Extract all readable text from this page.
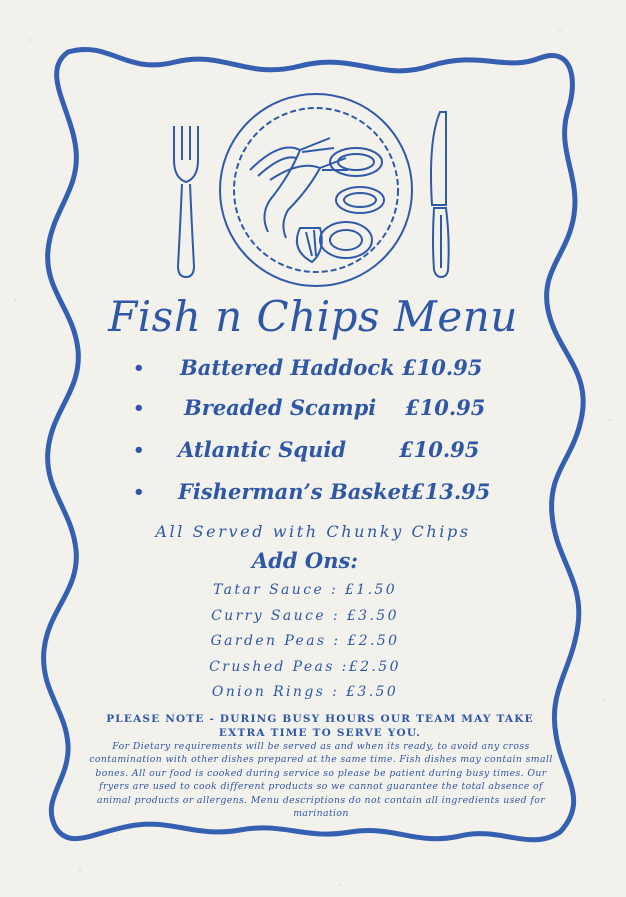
Fish n Chips Menu
• Battered Haddock £10.95
• Breaded Scampi £10.95
• Atlantic Squid	£10.95
• Fisherman’s Basket £13.95
All Served with Chunky Chips
Add Ons:
Tatar Sauce : £1.50
Curry Sauce : £3.50
Garden Peas : £2.50
Crushed Peas :£2.50
Onion Rings : £3.50
PLEASE NOTE - DURING BUSY HOURS OUR TEAM MAY TAKE EXTRA TIME TO SERVE YOU.
For Dietary requirements will be served as and when its ready, to avoid any cross contamination with other dishes prepared at the same time. Fish dishes may contain small bones. All our food is cooked during service so please be patient during busy times. Our fryers are used to cook different products so we cannot guarantee the total absence of animal products or allergens. Menu descriptions do not contain all ingredients used for marination
